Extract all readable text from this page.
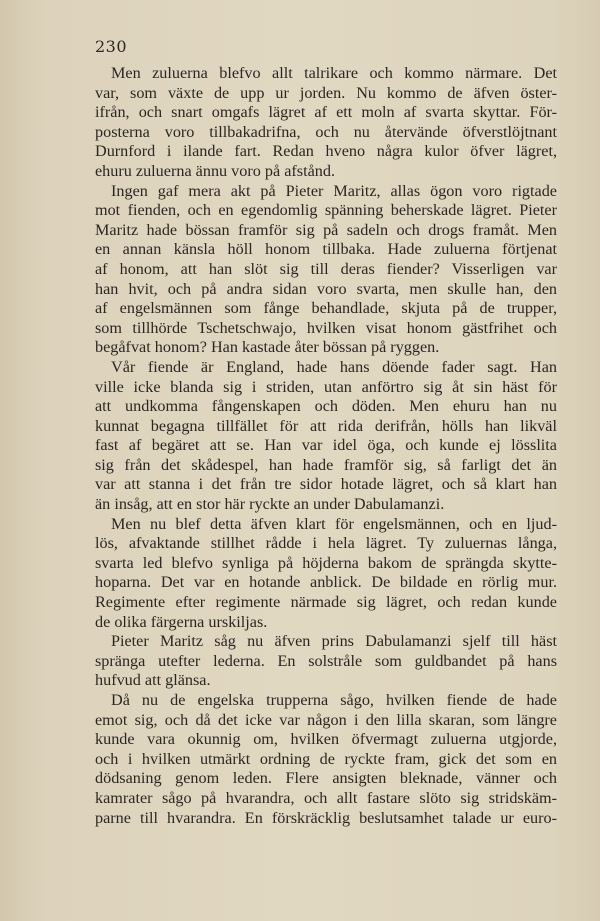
230
Men zuluerna blefvo allt talrikare och kommo närmare. Det
var, som växte de upp ur jorden. Nu kommo de äfven öster-
ifrån, och snart omgafs lägret af ett moln af svarta skyttar. För-
posterna voro tillbakadrifna, och nu återvände öfverstlöjtnant
Durnford i ilande fart. Redan hveno några kulor öfver lägret,
ehuru zuluerna ännu voro på afstånd.
Ingen gaf mera akt på Pieter Maritz, allas ögon voro rigtade
mot fienden, och en egendomlig spänning beherskade lägret. Pieter
Maritz hade bössan framför sig på sadeln och drogs framåt. Men
en annan känsla höll honom tillbaka. Hade zuluerna förtjenat
af honom, att han slöt sig till deras fiender? Visserligen var
han hvit, och på andra sidan voro svarta, men skulle han, den
af engelsmännen som fånge behandlade, skjuta på de trupper,
som tillhörde Tschetschwajo, hvilken visat honom gästfrihet och
begåfvat honom? Han kastade åter bössan på ryggen.
Vår fiende är England, hade hans döende fader sagt. Han
ville icke blanda sig i striden, utan anförtro sig åt sin häst för
att undkomma fångenskapen och döden. Men ehuru han nu
kunnat begagna tillfället för att rida derifrån, hölls han likväl
fast af begäret att se. Han var idel öga, och kunde ej lösslita
sig från det skådespel, han hade framför sig, så farligt det än
var att stanna i det från tre sidor hotade lägret, och så klart han
än insåg, att en stor här ryckte an under Dabulamanzi.
Men nu blef detta äfven klart för engelsmännen, och en ljud-
lös, afvaktande stillhet rådde i hela lägret. Ty zuluernas långa,
svarta led blefvo synliga på höjderna bakom de sprängda skytte-
hoparna. Det var en hotande anblick. De bildade en rörlig mur.
Regimente efter regimente närmade sig lägret, och redan kunde
de olika färgerna urskiljas.
Pieter Maritz såg nu äfven prins Dabulamanzi sjelf till häst
spränga utefter lederna. En solstråle som guldbandet på hans
hufvud att glänsa.
Då nu de engelska trupperna sågo, hvilken fiende de hade
emot sig, och då det icke var någon i den lilla skaran, som längre
kunde vara okunnig om, hvilken öfvermagt zuluerna utgjorde,
och i hvilken utmärkt ordning de ryckte fram, gick det som en
dödsaning genom leden. Flere ansigten bleknade, vänner och
kamrater sågo på hvarandra, och allt fastare slöto sig stridskäm-
parne till hvarandra. En förskräcklig beslutsamhet talade ur euro-
